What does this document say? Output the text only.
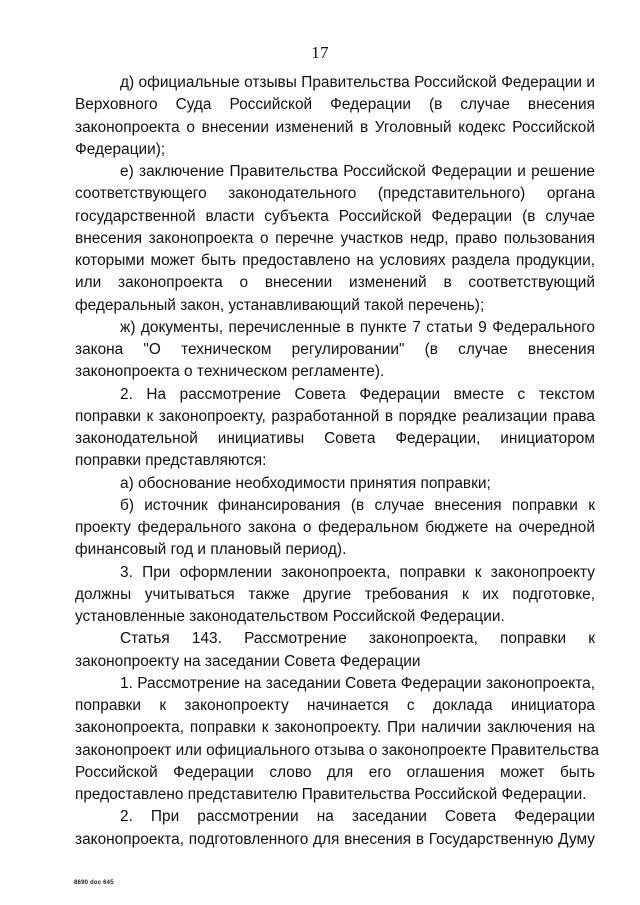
17
д) официальные отзывы Правительства Российской Федерации и
Верховного Суда Российской Федерации (в случае внесения
законопроекта о внесении изменений в Уголовный кодекс Российской
Федерации);
е) заключение Правительства Российской Федерации и решение
соответствующего законодательного (представительного) органа
государственной власти субъекта Российской Федерации (в случае
внесения законопроекта о перечне участков недр, право пользования
которыми может быть предоставлено на условиях раздела продукции,
или законопроекта о внесении изменений в соответствующий
федеральный закон, устанавливающий такой перечень);
ж) документы, перечисленные в пункте 7 статьи 9 Федерального
закона "О техническом регулировании" (в случае внесения
законопроекта о техническом регламенте).
2. На рассмотрение Совета Федерации вместе с текстом
поправки к законопроекту, разработанной в порядке реализации права
законодательной инициативы Совета Федерации, инициатором
поправки представляются:
а) обоснование необходимости принятия поправки;
б) источник финансирования (в случае внесения поправки к
проекту федерального закона о федеральном бюджете на очередной
финансовый год и плановый период).
3. При оформлении законопроекта, поправки к законопроекту
должны учитываться также другие требования к их подготовке,
установленные законодательством Российской Федерации.
Статья 143. Рассмотрение законопроекта, поправки к
законопроекту на заседании Совета Федерации
1. Рассмотрение на заседании Совета Федерации законопроекта,
поправки к законопроекту начинается с доклада инициатора
законопроекта, поправки к законопроекту. При наличии заключения на
законопроект или официального отзыва о законопроекте Правительства
Российской Федерации слово для его оглашения может быть
предоставлено представителю Правительства Российской Федерации.
2. При рассмотрении на заседании Совета Федерации
законопроекта, подготовленного для внесения в Государственную Думу
8690 doc 645
